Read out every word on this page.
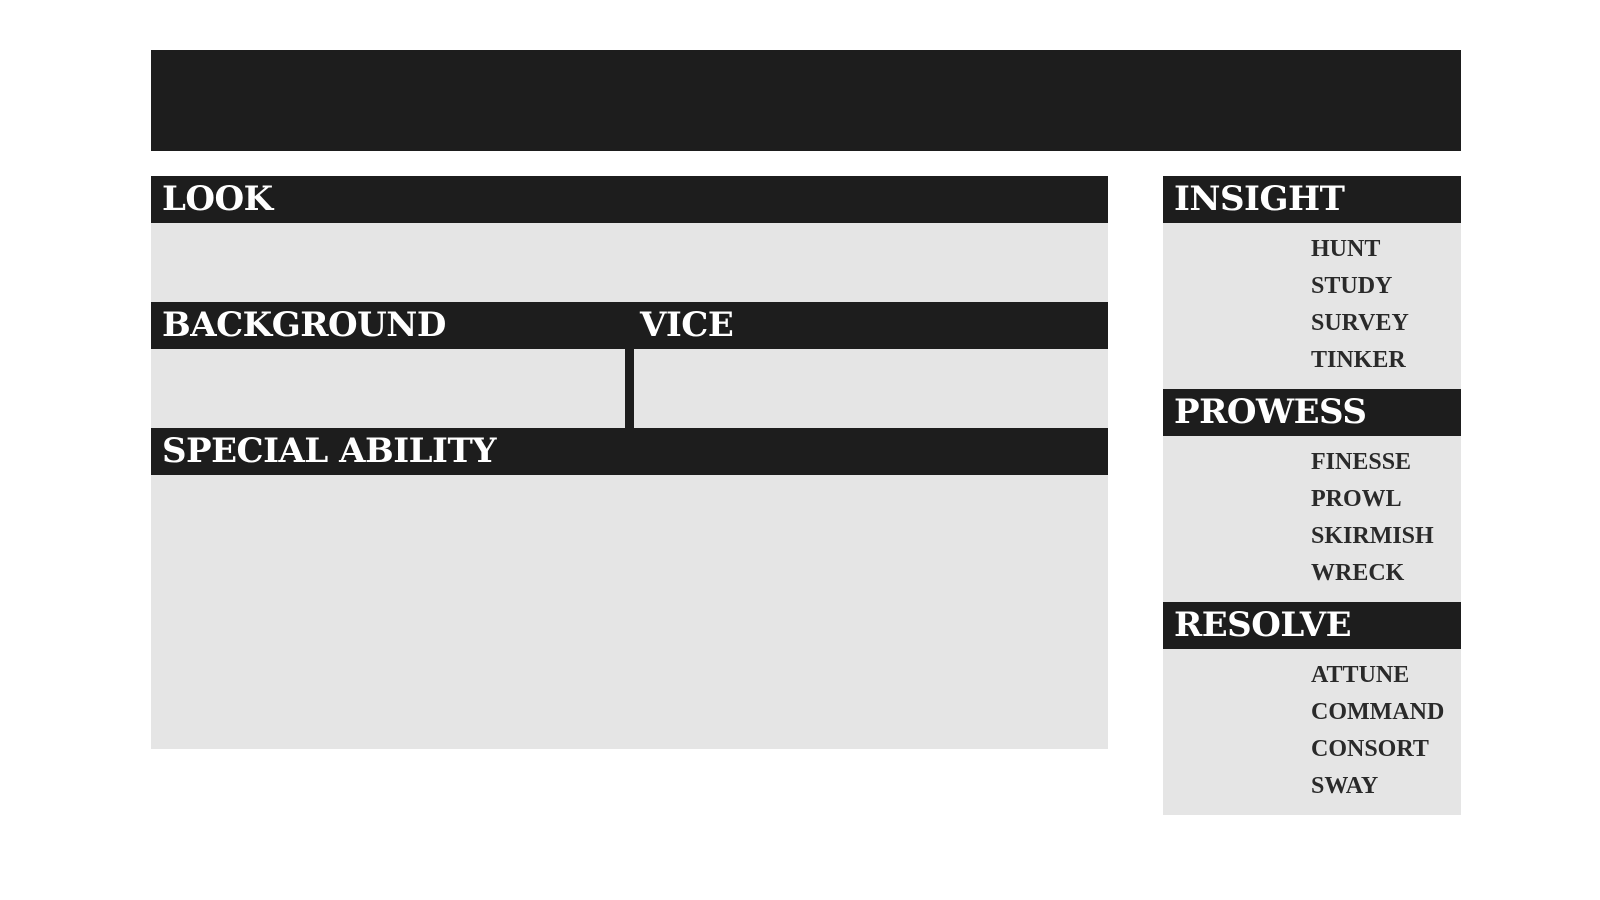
LOOK
BACKGROUND	VICE
SPECIAL ABILITY
INSIGHT
HUNT
STUDY
SURVEY
TINKER
PROWESS
FINESSE
PROWL
SKIRMISH
WRECK
RESOLVE
ATTUNE
COMMAND
CONSORT
SWAY
